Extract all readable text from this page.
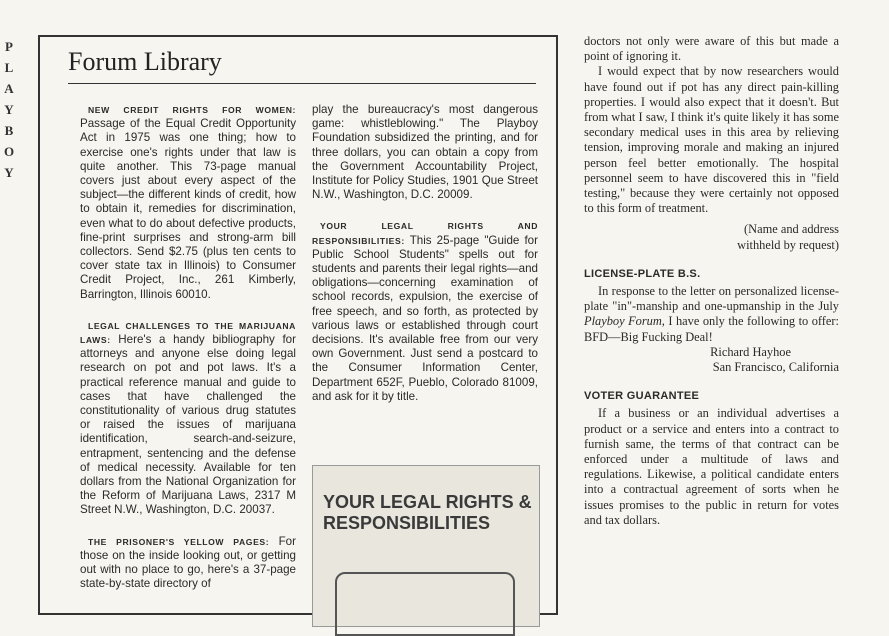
P
L
A
Y
B
O
Y
Forum Library

NEW CREDIT RIGHTS FOR WOMEN: Passage of the Equal Credit Opportunity Act in 1975 was one thing; how to exercise one's rights under that law is quite another. This 73-page manual covers just about every aspect of the subject—the different kinds of credit, how to obtain it, remedies for discrimination, even what to do about defective products, fine-print surprises and strong-arm bill collectors. Send $2.75 (plus ten cents to cover state tax in Illinois) to Consumer Credit Project, Inc., 261 Kimberly, Barrington, Illinois 60010.

LEGAL CHALLENGES TO THE MARIJUANA LAWS: Here's a handy bibliography for attorneys and anyone else doing legal research on pot and pot laws. It's a practical reference manual and guide to cases that have challenged the constitutionality of various drug statutes or raised the issues of marijuana identification, search-and-seizure, entrapment, sentencing and the defense of medical necessity. Available for ten dollars from the National Organization for the Reform of Marijuana Laws, 2317 M Street N.W., Washington, D.C. 20037.

THE PRISONER'S YELLOW PAGES: For those on the inside looking out, or getting out with no place to go, here's a 37-page state-by-state directory of

play the bureaucracy's most dangerous game: whistleblowing." The Playboy Foundation subsidized the printing, and for three dollars, you can obtain a copy from the Government Accountability Project, Institute for Policy Studies, 1901 Que Street N.W., Washington, D.C. 20009.

YOUR LEGAL RIGHTS AND RESPONSIBILITIES: This 25-page "Guide for Public School Students" spells out for students and parents their legal rights—and obligations—concerning examination of school records, expulsion, the exercise of free speech, and so forth, as protected by various laws or established through court decisions. It's available free from our very own Government. Just send a postcard to the Consumer Information Center, Department 652F, Pueblo, Colorado 81009, and ask for it by title.

YOUR LEGAL RIGHTS & RESPONSIBILITIES

doctors not only were aware of this but made a point of ignoring it.

I would expect that by now researchers would have found out if pot has any direct pain-killing properties. I would also expect that it doesn't. But from what I saw, I think it's quite likely it has some secondary medical uses in this area by relieving tension, improving morale and making an injured person feel better emotionally. The hospital personnel seem to have discovered this in "field testing," because they were certainly not opposed to this form of treatment.

(Name and address

withheld by request)

LICENSE-PLATE B.S.

In response to the letter on personalized license-plate "in"-manship and one-upmanship in the July Playboy Forum, I have only the following to offer: BFD—Big Fucking Deal!

Richard Hayhoe

San Francisco, California

VOTER GUARANTEE

If a business or an individual advertises a product or a service and enters into a contract to furnish same, the terms of that contract can be enforced under a multitude of laws and regulations. Likewise, a political candidate enters into a contractual agreement of sorts when he issues promises to the public in return for votes and tax dollars.
